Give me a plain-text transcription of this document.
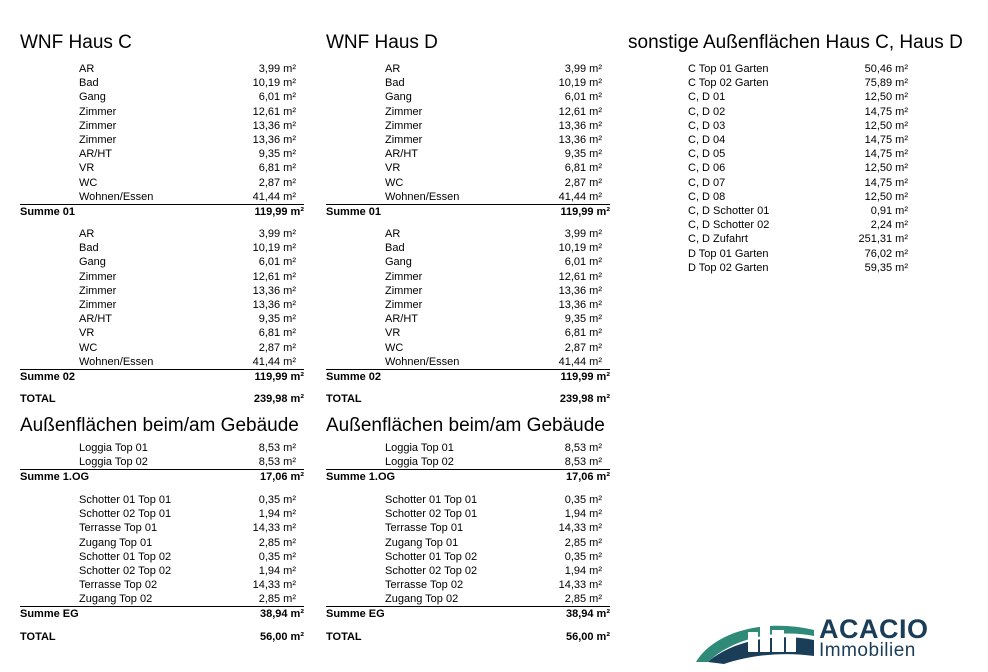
WNF Haus C
AR	3,99 m²
Bad	10,19 m²
Gang	6,01 m²
Zimmer	12,61 m²
Zimmer	13,36 m²
Zimmer	13,36 m²
AR/HT	9,35 m²
VR	6,81 m²
WC	2,87 m²
Wohnen/Essen	41,44 m²
Summe 01	119,99 m²
AR	3,99 m²
Bad	10,19 m²
Gang	6,01 m²
Zimmer	12,61 m²
Zimmer	13,36 m²
Zimmer	13,36 m²
AR/HT	9,35 m²
VR	6,81 m²
WC	2,87 m²
Wohnen/Essen	41,44 m²
Summe 02	119,99 m²
TOTAL	239,98 m²
Außenflächen beim/am Gebäude
Loggia Top 01	8,53 m²
Loggia Top 02	8,53 m²
Summe 1.OG	17,06 m²
Schotter 01 Top 01	0,35 m²
Schotter 02 Top 01	1,94 m²
Terrasse Top 01	14,33 m²
Zugang Top 01	2,85 m²
Schotter 01 Top 02	0,35 m²
Schotter 02 Top 02	1,94 m²
Terrasse Top 02	14,33 m²
Zugang Top 02	2,85 m²
Summe EG	38,94 m²
TOTAL	56,00 m²
WNF Haus D
AR	3,99 m²
Bad	10,19 m²
Gang	6,01 m²
Zimmer	12,61 m²
Zimmer	13,36 m²
Zimmer	13,36 m²
AR/HT	9,35 m²
VR	6,81 m²
WC	2,87 m²
Wohnen/Essen	41,44 m²
Summe 01	119,99 m²
AR	3,99 m²
Bad	10,19 m²
Gang	6,01 m²
Zimmer	12,61 m²
Zimmer	13,36 m²
Zimmer	13,36 m²
AR/HT	9,35 m²
VR	6,81 m²
WC	2,87 m²
Wohnen/Essen	41,44 m²
Summe 02	119,99 m²
TOTAL	239,98 m²
Außenflächen beim/am Gebäude
Loggia Top 01	8,53 m²
Loggia Top 02	8,53 m²
Summe 1.OG	17,06 m²
Schotter 01 Top 01	0,35 m²
Schotter 02 Top 01	1,94 m²
Terrasse Top 01	14,33 m²
Zugang Top 01	2,85 m²
Schotter 01 Top 02	0,35 m²
Schotter 02 Top 02	1,94 m²
Terrasse Top 02	14,33 m²
Zugang Top 02	2,85 m²
Summe EG	38,94 m²
TOTAL	56,00 m²
sonstige Außenflächen Haus C, Haus D
C Top 01 Garten	50,46 m²
C Top 02 Garten	75,89 m²
C, D 01	12,50 m²
C, D 02	14,75 m²
C, D 03	12,50 m²
C, D 04	14,75 m²
C, D 05	14,75 m²
C, D 06	12,50 m²
C, D 07	14,75 m²
C, D 08	12,50 m²
C, D Schotter 01	0,91 m²
C, D Schotter 02	2,24 m²
C, D Zufahrt	251,31 m²
D Top 01 Garten	76,02 m²
D Top 02 Garten	59,35 m²
ACACIO
Immobilien
